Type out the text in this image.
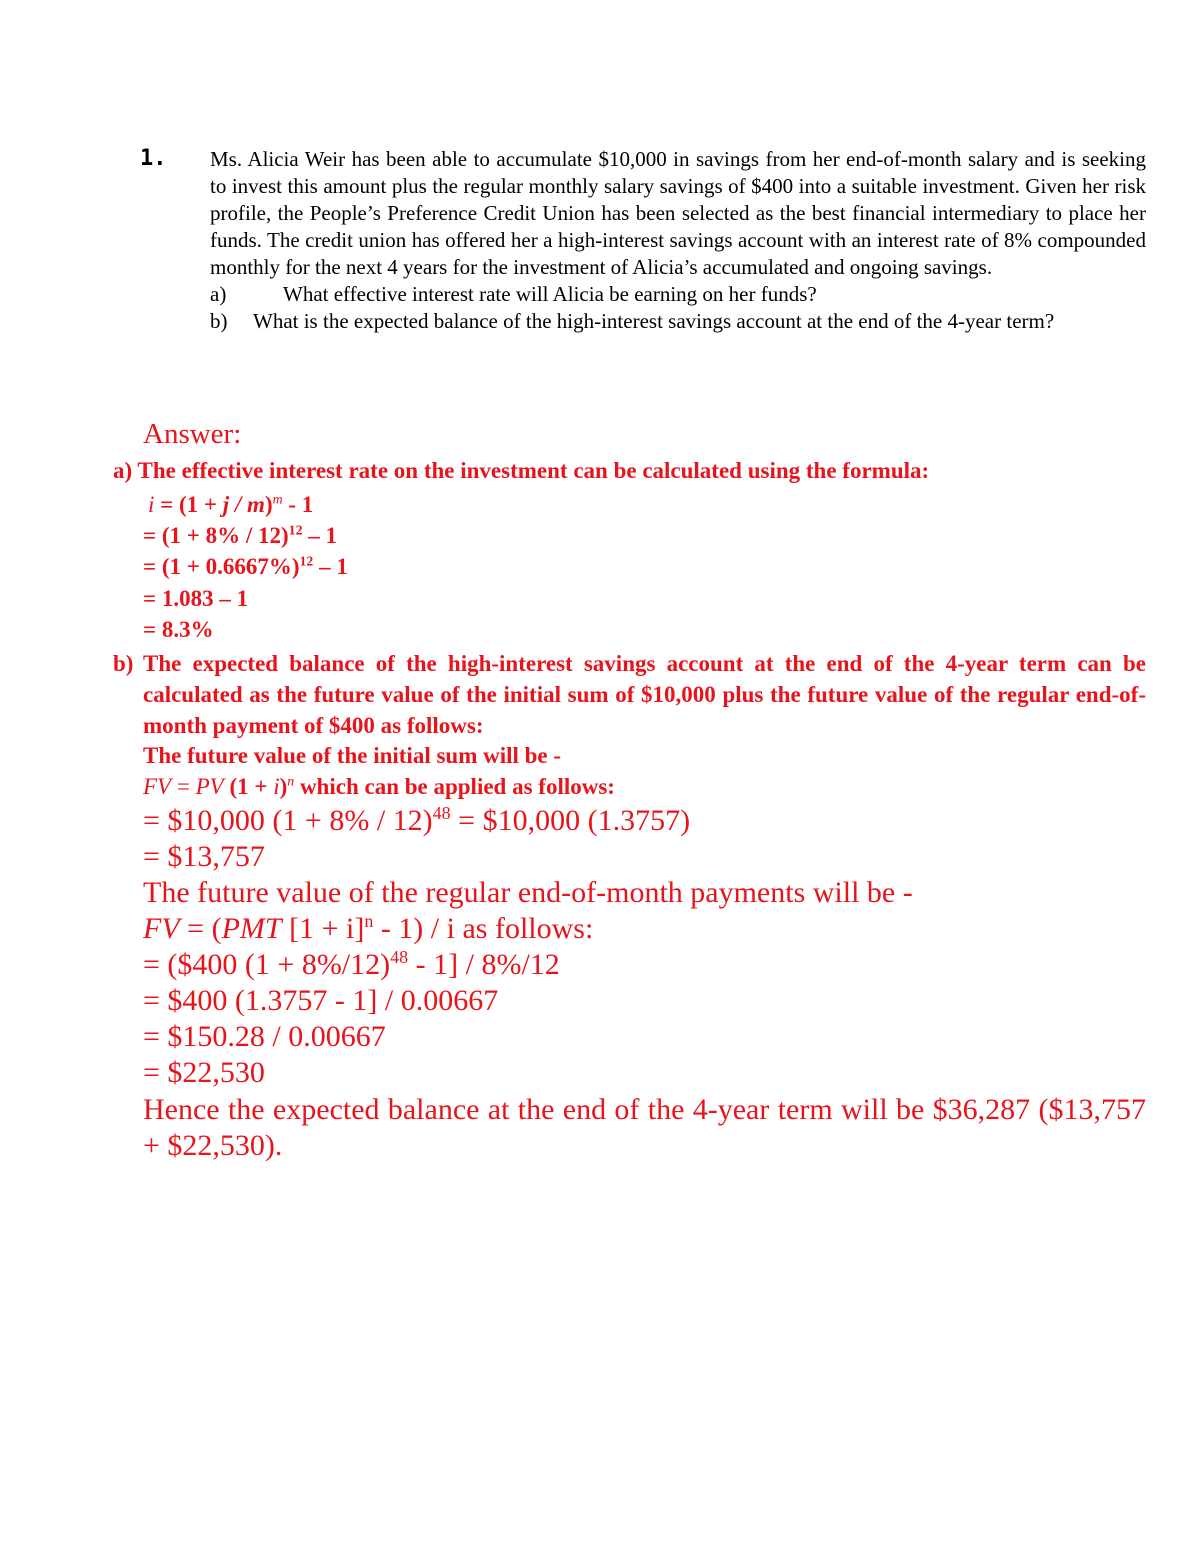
1. Ms. Alicia Weir has been able to accumulate $10,000 in savings from her end-of-month salary and is seeking to invest this amount plus the regular monthly salary savings of $400 into a suitable investment. Given her risk profile, the People’s Preference Credit Union has been selected as the best financial intermediary to place her funds. The credit union has offered her a high-interest savings account with an interest rate of 8% compounded monthly for the next 4 years for the investment of Alicia’s accumulated and ongoing savings.

a)	What effective interest rate will Alicia be earning on her funds?
b) What is the expected balance of the high-interest savings account at the end of the 4-year term?
Answer:
a) The effective interest rate on the investment can be calculated using the formula:
$i = (1 + j / m)^m - 1$
= $(1 + 8\% / 12)^{12} - 1$
= $(1 + 0.6667\%)^{12} - 1$
= 1.083 – 1
= 8.3%
b) The expected balance of the high-interest savings account at the end of the 4-year term can be calculated as the future value of the initial sum of $10,000 plus the future value of the regular end-of-month payment of $400 as follows:
The future value of the initial sum will be -
FV = PV $(1 + i)^n$ which can be applied as follows:
= $10,000 $(1 + 8\% / 12)^{48}$ = $10,000 (1.3757)
= $13,757
The future value of the regular end-of-month payments will be -
FV = (PMT $[1 + i]^n - 1) / i$ as follows:
= ($400 $(1 + 8\%/12)^{48} - 1] / 8\%/12$
= $400 (1.3757 - 1] / 0.00667
= $150.28 / 0.00667
= $22,530
Hence the expected balance at the end of the 4-year term will be $36,287 ($13,757 + $22,530).
